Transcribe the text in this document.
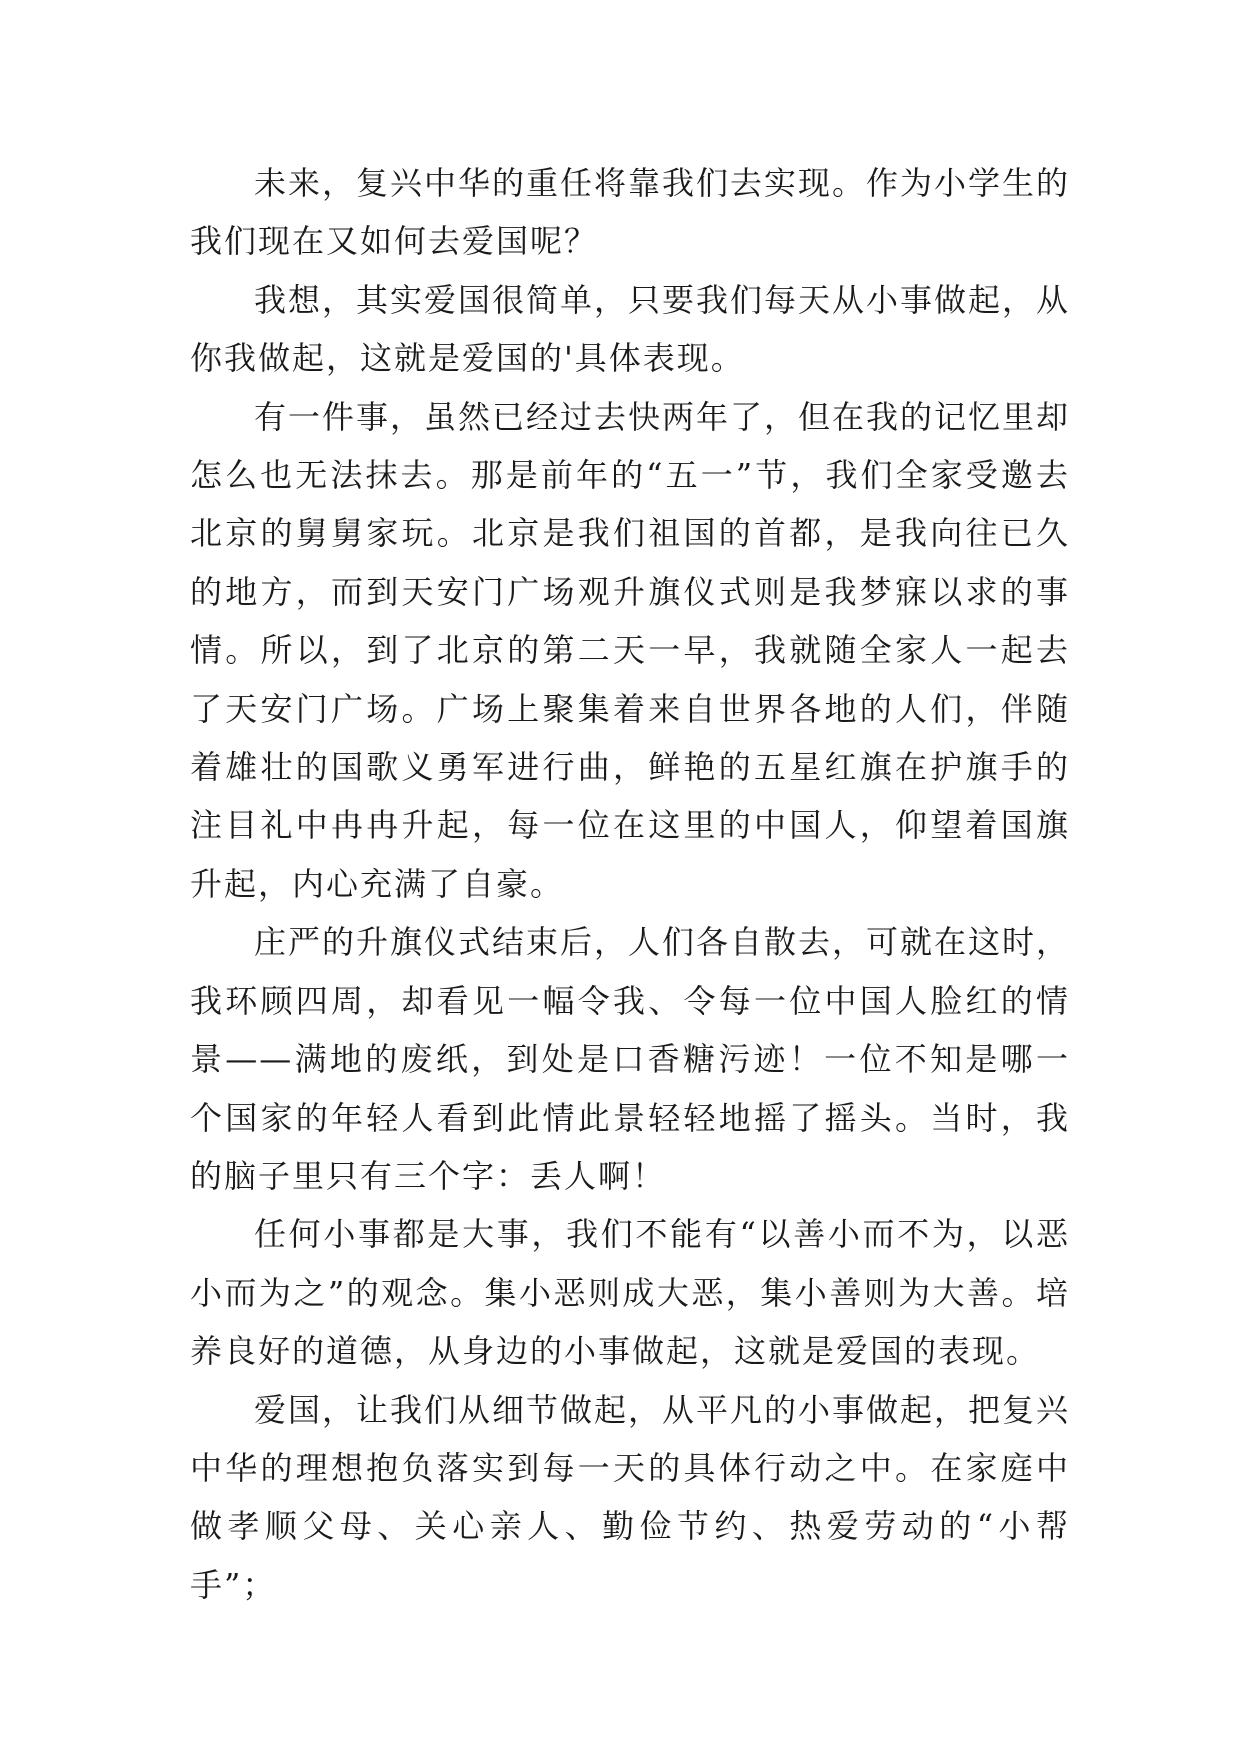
未来，复兴中华的重任将靠我们去实现。作为小学生的我们现在又如何去爱国呢？

我想，其实爱国很简单，只要我们每天从小事做起，从你我做起，这就是爱国的'具体表现。

有一件事，虽然已经过去快两年了，但在我的记忆里却怎么也无法抹去。那是前年的“五一”节，我们全家受邀去北京的舅舅家玩。北京是我们祖国的首都，是我向往已久的地方，而到天安门广场观升旗仪式则是我梦寐以求的事情。所以，到了北京的第二天一早，我就随全家人一起去了天安门广场。广场上聚集着来自世界各地的人们，伴随着雄壮的国歌义勇军进行曲，鲜艳的五星红旗在护旗手的注目礼中冉冉升起，每一位在这里的中国人，仰望着国旗升起，内心充满了自豪。

庄严的升旗仪式结束后，人们各自散去，可就在这时，我环顾四周，却看见一幅令我、令每一位中国人脸红的情景——满地的废纸，到处是口香糖污迹！一位不知是哪一个国家的年轻人看到此情此景轻轻地摇了摇头。当时，我的脑子里只有三个字：丢人啊！

任何小事都是大事，我们不能有“以善小而不为，以恶小而为之”的观念。集小恶则成大恶，集小善则为大善。培养良好的道德，从身边的小事做起，这就是爱国的表现。

爱国，让我们从细节做起，从平凡的小事做起，把复兴中华的理想抱负落实到每一天的具体行动之中。在家庭中做孝顺父母、关心亲人、勤俭节约、热爱劳动的“小帮手”；
